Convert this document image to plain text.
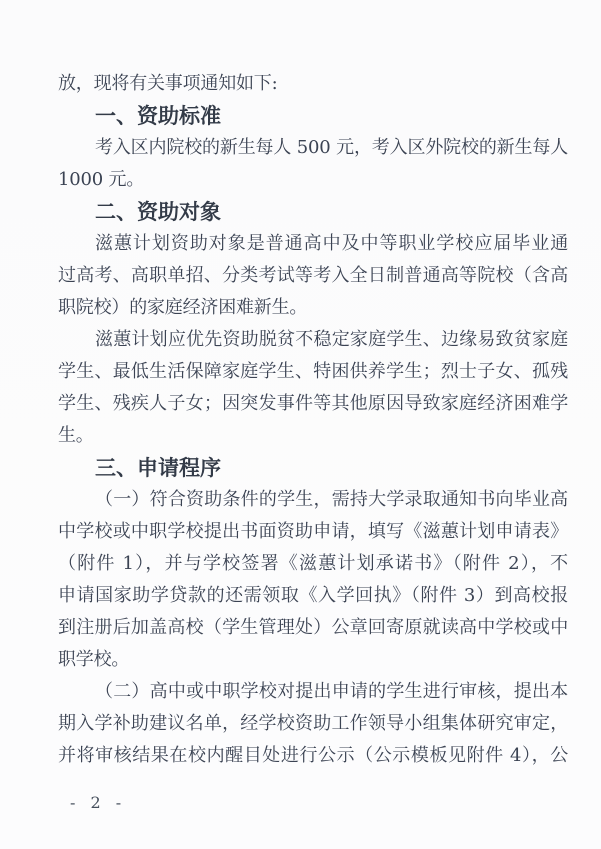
放，现将有关事项通知如下:
一、资助标准
考入区内院校的新生每人 500 元，考入区外院校的新生每人
1000 元。
二、资助对象
滋蕙计划资助对象是普通高中及中等职业学校应届毕业通
过高考、高职单招、分类考试等考入全日制普通高等院校（含高
职院校）的家庭经济困难新生。
滋蕙计划应优先资助脱贫不稳定家庭学生、边缘易致贫家庭
学生、最低生活保障家庭学生、特困供养学生；烈士子女、孤残
学生、残疾人子女；因突发事件等其他原因导致家庭经济困难学
生。
三、申请程序
（一）符合资助条件的学生，需持大学录取通知书向毕业高
中学校或中职学校提出书面资助申请，填写《滋蕙计划申请表》
（附件 1），并与学校签署《滋蕙计划承诺书》（附件 2），不
申请国家助学贷款的还需领取《入学回执》（附件 3）到高校报
到注册后加盖高校（学生管理处）公章回寄原就读高中学校或中
职学校。
（二）高中或中职学校对提出申请的学生进行审核，提出本
期入学补助建议名单，经学校资助工作领导小组集体研究审定，
并将审核结果在校内醒目处进行公示（公示模板见附件 4），公
- 2 -
